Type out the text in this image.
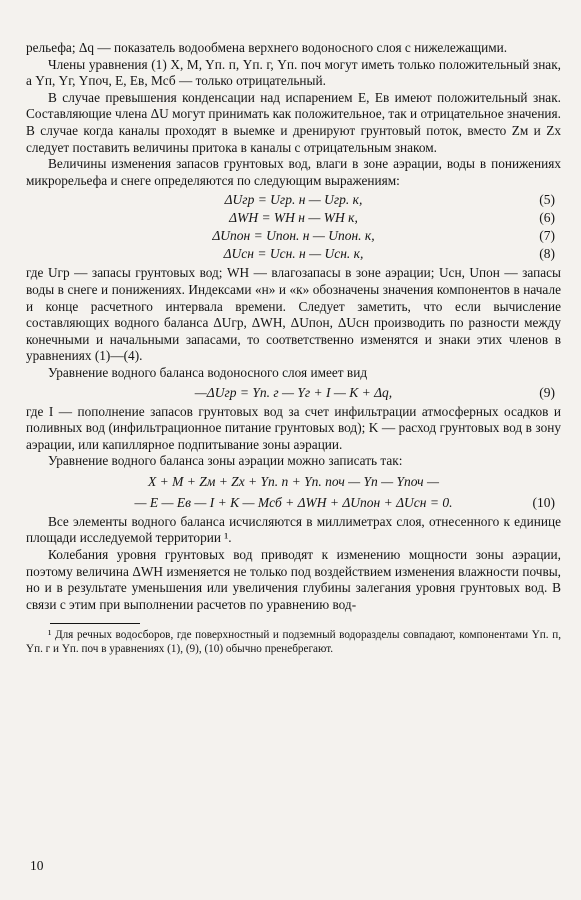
рельефа; Δq — показатель водообмена верхнего водоносного слоя с нижележащими.

Члены уравнения (1) X, M, Yп. п, Yп. г, Yп. поч могут иметь только положительный знак, а Yп, Yг, Yпоч, E, Eв, Mсб — только отрицательный.

В случае превышения конденсации над испарением E, Eв имеют положительный знак. Составляющие члена ΔU могут принимать как положительное, так и отрицательное значения. В случае когда каналы проходят в выемке и дренируют грунтовый поток, вместо Zм и Zx следует поставить величины притока в каналы с отрицательным знаком.

Величины изменения запасов грунтовых вод, влаги в зоне аэрации, воды в понижениях микрорельефа и снеге определяются по следующим выражениям:

ΔUгр = Uгр. н — Uгр. к,	(5)
ΔWH = WH н — WH к,	(6)
ΔUпон = Uпон. н — Uпон. к,	(7)
ΔUсн = Uсн. н — Uсн. к,	(8)

где Uгр — запасы грунтовых вод; WH — влагозапасы в зоне аэрации; Uсн, Uпон — запасы воды в снеге и понижениях. Индексами «н» и «к» обозначены значения компонентов в начале и конце расчетного интервала времени. Следует заметить, что если вычисление составляющих водного баланса ΔUгр, ΔWH, ΔUпон, ΔUсн производить по разности между конечными и начальными запасами, то соответственно изменятся и знаки этих членов в уравнениях (1)—(4).

Уравнение водного баланса водоносного слоя имеет вид

—ΔUгр = Yп. г — Yг + I — K + Δq,	(9)

где I — пополнение запасов грунтовых вод за счет инфильтрации атмосферных осадков и поливных вод (инфильтрационное питание грунтовых вод); K — расход грунтовых вод в зону аэрации, или капиллярное подпитывание зоны аэрации.

Уравнение водного баланса зоны аэрации можно записать так:

X + M + Zм + Zx + Yп. п + Yп. поч — Yп — Yпоч —
— E — Eв — I + K — Mсб + ΔWH + ΔUпон + ΔUсн = 0.	(10)

Все элементы водного баланса исчисляются в миллиметрах слоя, отнесенного к единице площади исследуемой территории ¹.

Колебания уровня грунтовых вод приводят к изменению мощности зоны аэрации, поэтому величина ΔWH изменяется не только под воздействием изменения влажности почвы, но и в результате уменьшения или увеличения глубины залегания уровня грунтовых вод. В связи с этим при выполнении расчетов по уравнению вод-

¹ Для речных водосборов, где поверхностный и подземный водоразделы совпадают, компонентами Yп. п, Yп. г и Yп. поч в уравнениях (1), (9), (10) обычно пренебрегают.

10
